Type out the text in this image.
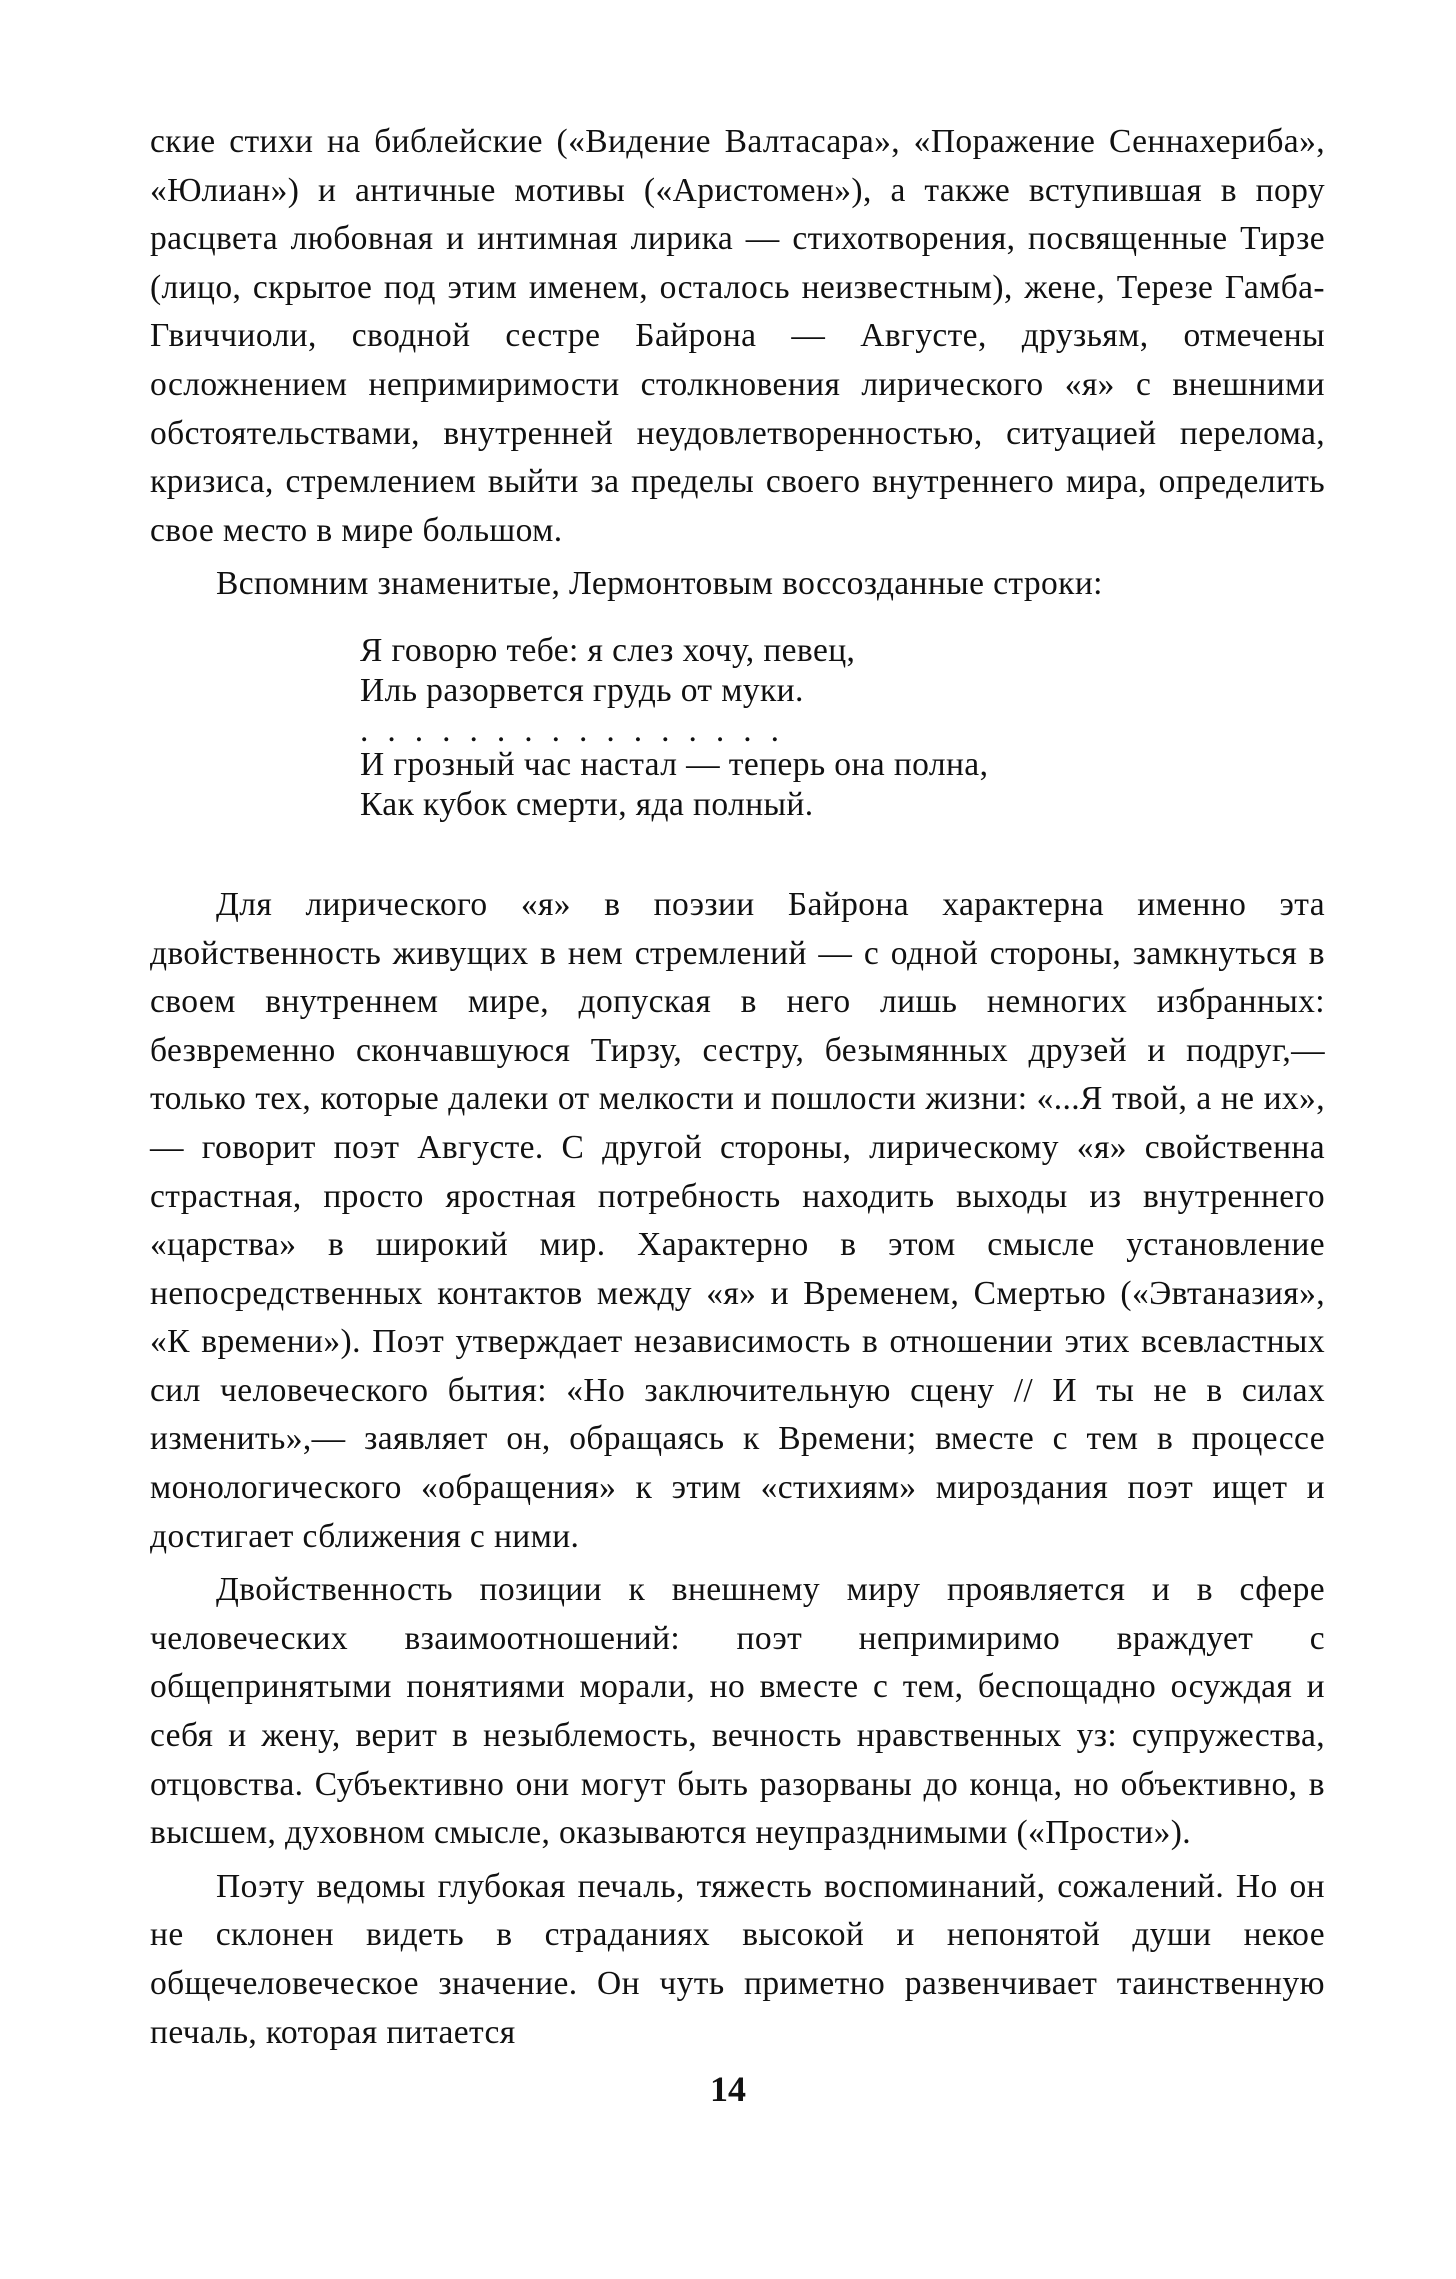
ские стихи на библейские («Видение Валтасара», «Поражение Сеннахериба», «Юлиан») и античные мотивы («Аристомен»), а также вступившая в пору расцвета любовная и интимная лирика — стихотворения, посвященные Тирзе (лицо, скрытое под этим именем, осталось неизвестным), жене, Терезе Гамба-Гвиччиоли, сводной сестре Байрона — Августе, друзьям, отмечены осложнением непримиримости столкновения лирического «я» с внешними обстоятельствами, внутренней неудовлетворенностью, ситуацией перелома, кризиса, стремлением выйти за пределы своего внутреннего мира, определить свое место в мире большом.

Вспомним знаменитые, Лермонтовым воссозданные строки:

Я говорю тебе: я слез хочу, певец,
Иль разорвется грудь от муки.
................
И грозный час настал — теперь она полна,
Как кубок смерти, яда полный.

Для лирического «я» в поэзии Байрона характерна именно эта двойственность живущих в нем стремлений — с одной стороны, замкнуться в своем внутреннем мире, допуская в него лишь немногих избранных: безвременно скончавшуюся Тирзу, сестру, безымянных друзей и подруг,— только тех, которые далеки от мелкости и пошлости жизни: «...Я твой, а не их»,— говорит поэт Августе. С другой стороны, лирическому «я» свойственна страстная, просто яростная потребность находить выходы из внутреннего «царства» в широкий мир. Характерно в этом смысле установление непосредственных контактов между «я» и Временем, Смертью («Эвтаназия», «К времени»). Поэт утверждает независимость в отношении этих всевластных сил человеческого бытия: «Но заключительную сцену // И ты не в силах изменить»,— заявляет он, обращаясь к Времени; вместе с тем в процессе монологического «обращения» к этим «стихиям» мироздания поэт ищет и достигает сближения с ними.

Двойственность позиции к внешнему миру проявляется и в сфере человеческих взаимоотношений: поэт непримиримо враждует с общепринятыми понятиями морали, но вместе с тем, беспощадно осуждая и себя и жену, верит в незыблемость, вечность нравственных уз: супружества, отцовства. Субъективно они могут быть разорваны до конца, но объективно, в высшем, духовном смысле, оказываются неупразднимыми («Прости»).

Поэту ведомы глубокая печаль, тяжесть воспоминаний, сожалений. Но он не склонен видеть в страданиях высокой и непонятой души некое общечеловеческое значение. Он чуть приметно развенчивает таинственную печаль, которая питается

14
